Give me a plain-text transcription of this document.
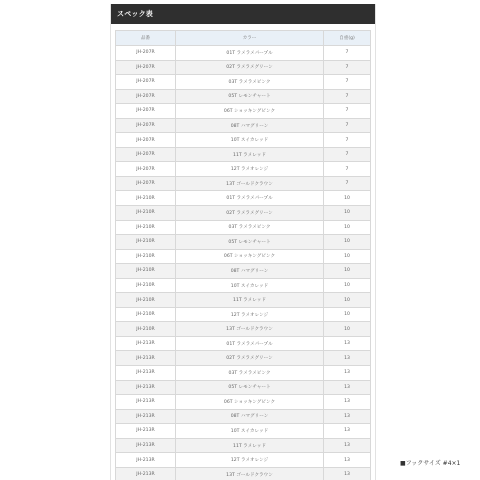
スペック表
品番	カラー	自重(g)
JH-207R	01T ラメラメパープル	7
JH-207R	02T ラメラメグリーン	7
JH-207R	03T ラメラメピンク	7
JH-207R	05T レモンチャート	7
JH-207R	06T ショッキングピンク	7
JH-207R	08T ハマグリーン	7
JH-207R	10T スイカレッド	7
JH-207R	11T ラメレッド	7
JH-207R	12T ラメオレンジ	7
JH-207R	13T ゴールドクラウン	7
JH-210R	01T ラメラメパープル	10
JH-210R	02T ラメラメグリーン	10
JH-210R	03T ラメラメピンク	10
JH-210R	05T レモンチャート	10
JH-210R	06T ショッキングピンク	10
JH-210R	08T ハマグリーン	10
JH-210R	10T スイカレッド	10
JH-210R	11T ラメレッド	10
JH-210R	12T ラメオレンジ	10
JH-210R	13T ゴールドクラウン	10
JH-213R	01T ラメラメパープル	13
JH-213R	02T ラメラメグリーン	13
JH-213R	03T ラメラメピンク	13
JH-213R	05T レモンチャート	13
JH-213R	06T ショッキングピンク	13
JH-213R	08T ハマグリーン	13
JH-213R	10T スイカレッド	13
JH-213R	11T ラメレッド	13
JH-213R	12T ラメオレンジ	13
JH-213R	13T ゴールドクラウン	13
■フックサイズ #4×1
